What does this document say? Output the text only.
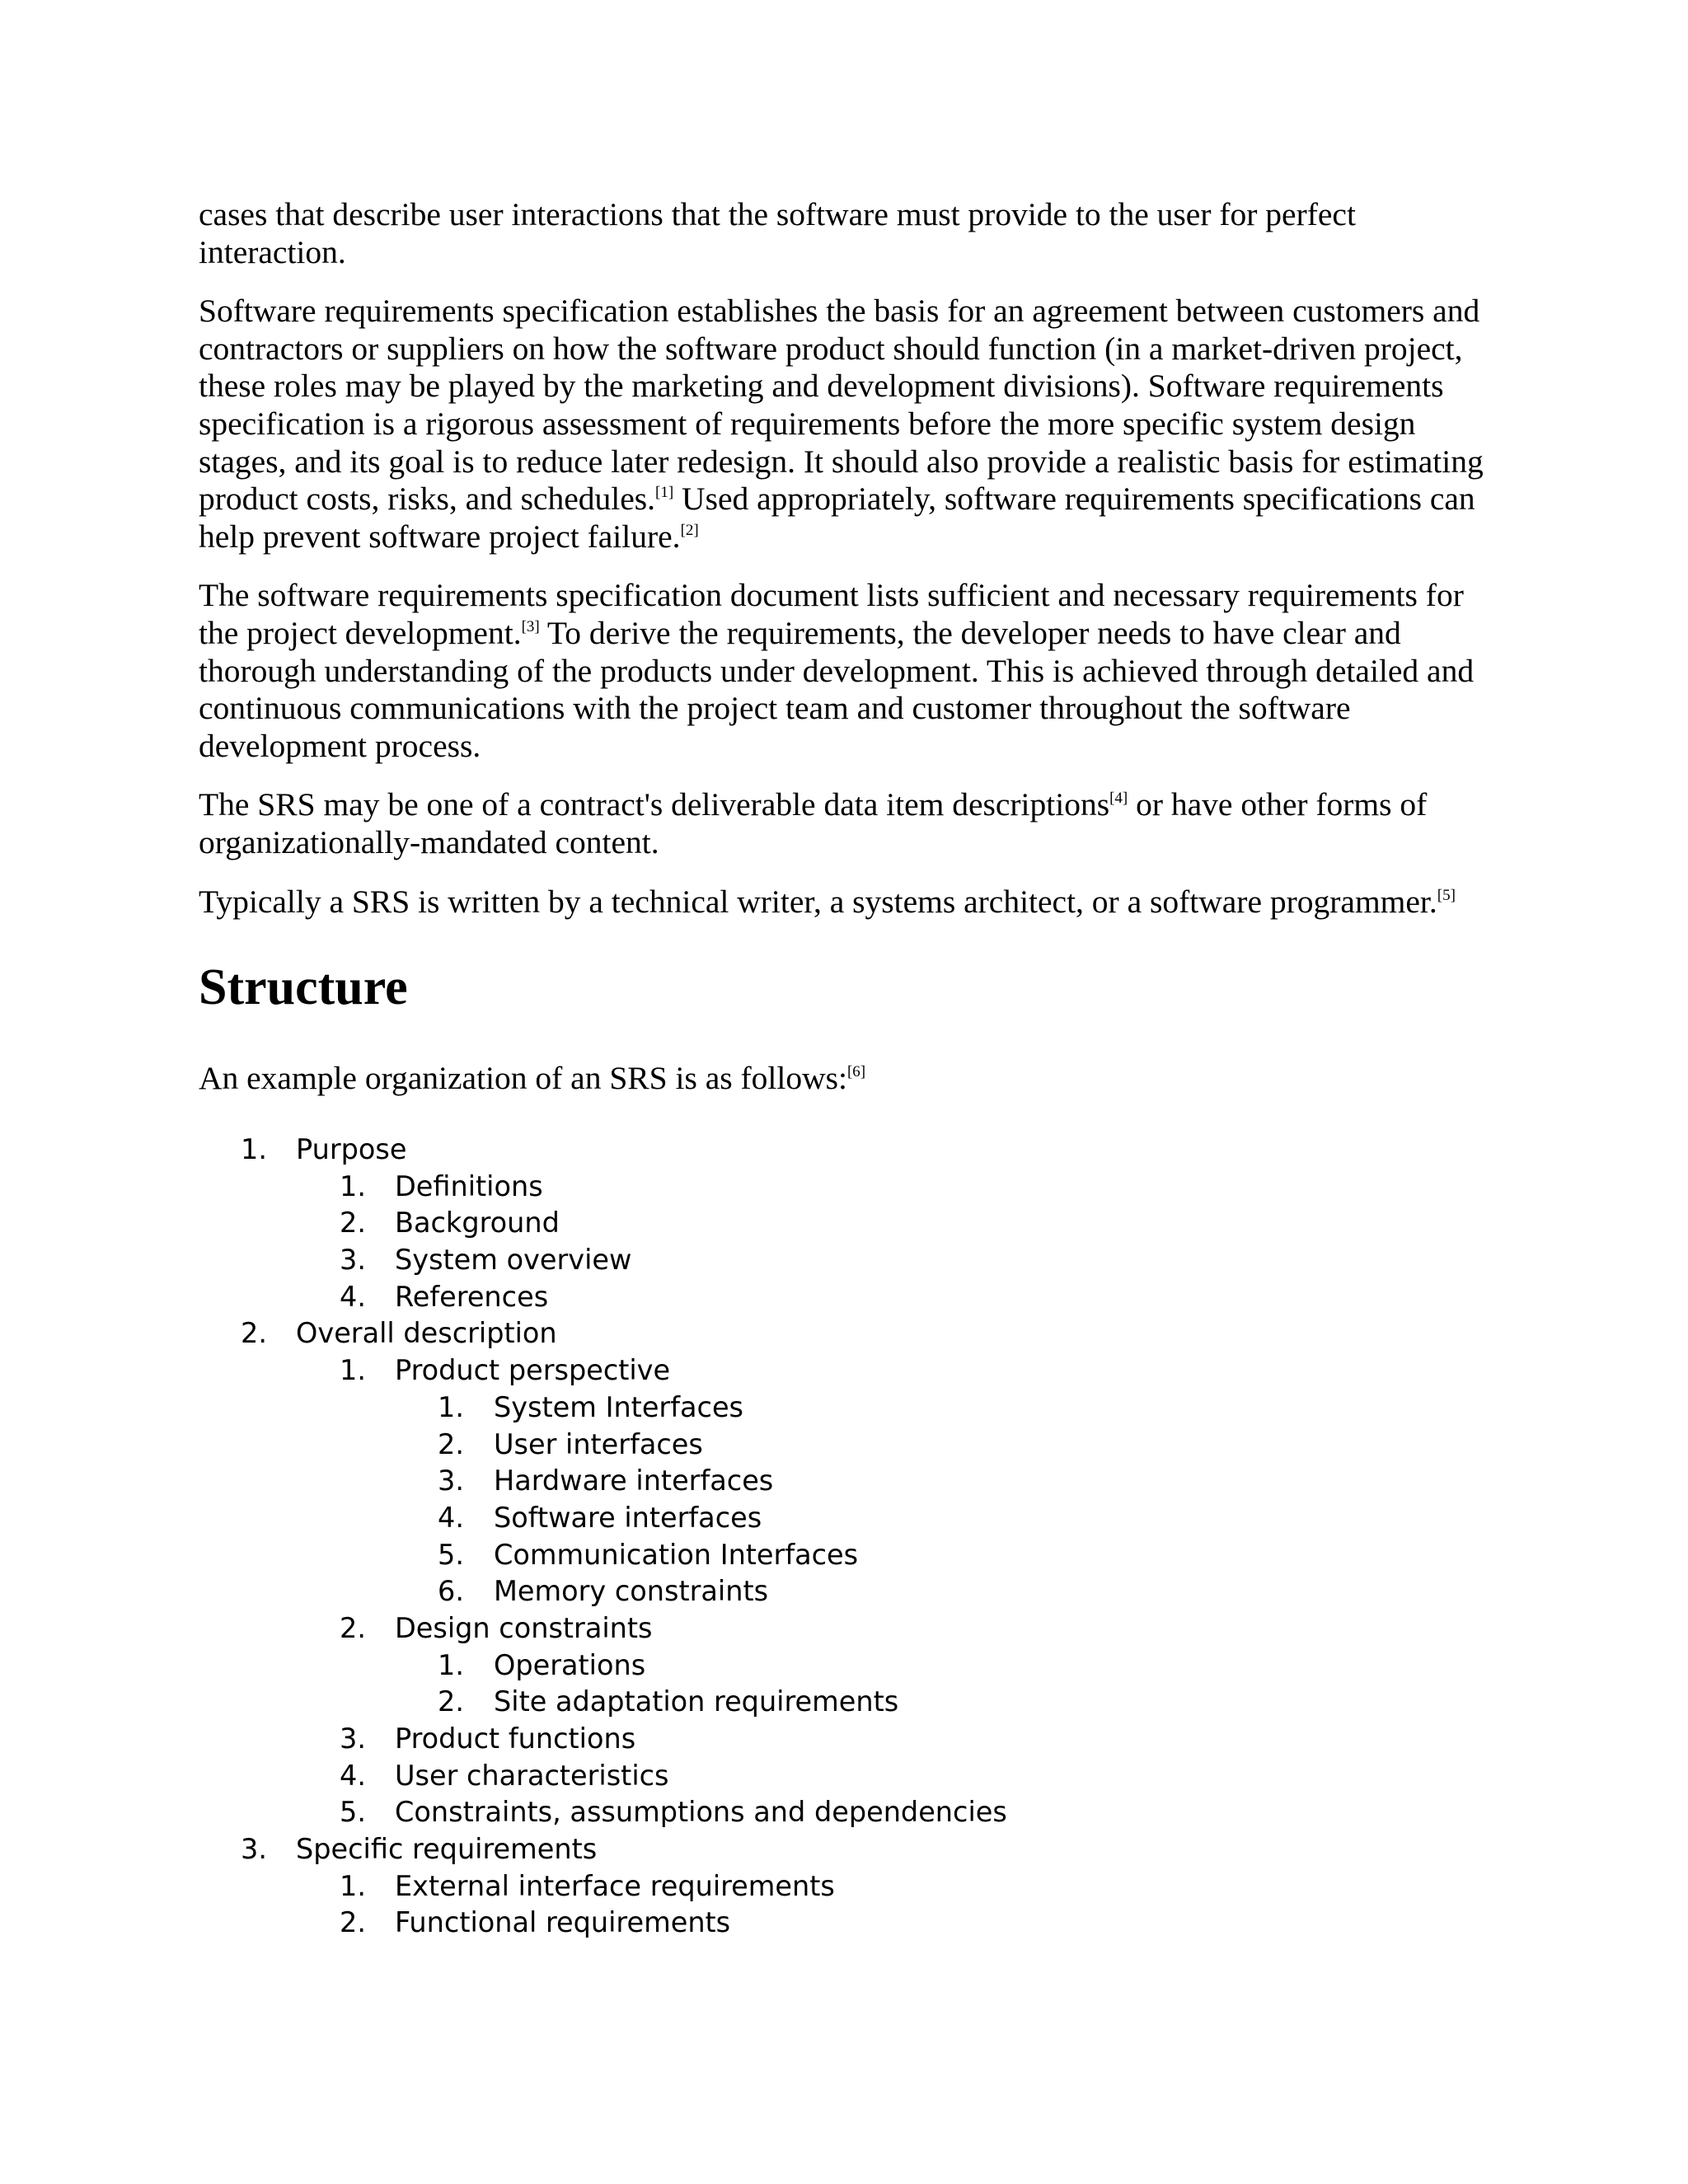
cases that describe user interactions that the software must provide to the user for perfect interaction.

Software requirements specification establishes the basis for an agreement between customers and contractors or suppliers on how the software product should function (in a market-driven project, these roles may be played by the marketing and development divisions). Software requirements specification is a rigorous assessment of requirements before the more specific system design stages, and its goal is to reduce later redesign. It should also provide a realistic basis for estimating product costs, risks, and schedules.[1] Used appropriately, software requirements specifications can help prevent software project failure.[2]

The software requirements specification document lists sufficient and necessary requirements for the project development.[3] To derive the requirements, the developer needs to have clear and thorough understanding of the products under development. This is achieved through detailed and continuous communications with the project team and customer throughout the software development process.

The SRS may be one of a contract's deliverable data item descriptions[4] or have other forms of organizationally-mandated content.

Typically a SRS is written by a technical writer, a systems architect, or a software programmer.[5]

Structure

An example organization of an SRS is as follows:[6]

1. Purpose
1. Definitions
2. Background
3. System overview
4. References
2. Overall description
1. Product perspective
1. System Interfaces
2. User interfaces
3. Hardware interfaces
4. Software interfaces
5. Communication Interfaces
6. Memory constraints
2. Design constraints
1. Operations
2. Site adaptation requirements
3. Product functions
4. User characteristics
5. Constraints, assumptions and dependencies
3. Specific requirements
1. External interface requirements
2. Functional requirements
